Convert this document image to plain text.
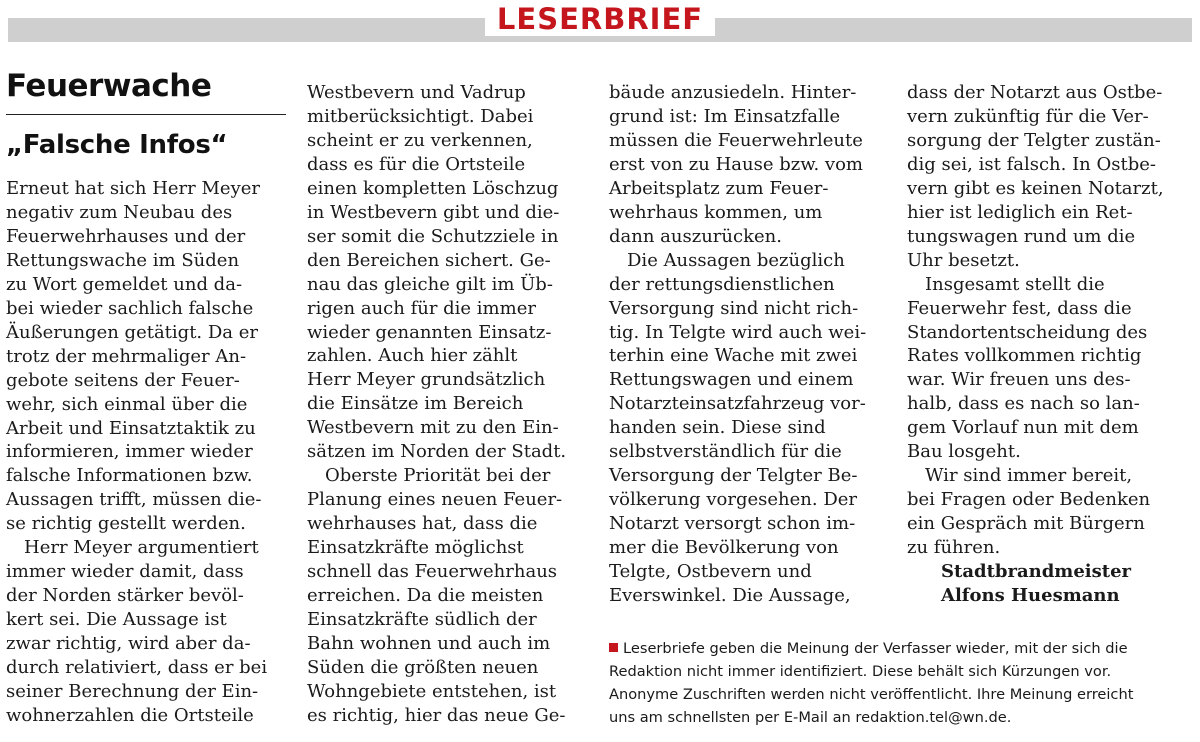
LESERBRIEF
Feuerwache
„Falsche Infos“
Erneut hat sich Herr Meyer
negativ zum Neubau des
Feuerwehrhauses und der
Rettungswache im Süden
zu Wort gemeldet und da-
bei wieder sachlich falsche
Äußerungen getätigt. Da er
trotz der mehrmaliger An-
gebote seitens der Feuer-
wehr, sich einmal über die
Arbeit und Einsatztaktik zu
informieren, immer wieder
falsche Informationen bzw.
Aussagen trifft, müssen die-
se richtig gestellt werden.
Herr Meyer argumentiert
immer wieder damit, dass
der Norden stärker bevöl-
kert sei. Die Aussage ist
zwar richtig, wird aber da-
durch relativiert, dass er bei
seiner Berechnung der Ein-
wohnerzahlen die Ortsteile
Westbevern und Vadrup
mitberücksichtigt. Dabei
scheint er zu verkennen,
dass es für die Ortsteile
einen kompletten Löschzug
in Westbevern gibt und die-
ser somit die Schutzziele in
den Bereichen sichert. Ge-
nau das gleiche gilt im Üb-
rigen auch für die immer
wieder genannten Einsatz-
zahlen. Auch hier zählt
Herr Meyer grundsätzlich
die Einsätze im Bereich
Westbevern mit zu den Ein-
sätzen im Norden der Stadt.
Oberste Priorität bei der
Planung eines neuen Feuer-
wehrhauses hat, dass die
Einsatzkräfte möglichst
schnell das Feuerwehrhaus
erreichen. Da die meisten
Einsatzkräfte südlich der
Bahn wohnen und auch im
Süden die größten neuen
Wohngebiete entstehen, ist
es richtig, hier das neue Ge-
bäude anzusiedeln. Hinter-
grund ist: Im Einsatzfalle
müssen die Feuerwehrleute
erst von zu Hause bzw. vom
Arbeitsplatz zum Feuer-
wehrhaus kommen, um
dann auszurücken.
Die Aussagen bezüglich
der rettungsdienstlichen
Versorgung sind nicht rich-
tig. In Telgte wird auch wei-
terhin eine Wache mit zwei
Rettungswagen und einem
Notarzteinsatzfahrzeug vor-
handen sein. Diese sind
selbstverständlich für die
Versorgung der Telgter Be-
völkerung vorgesehen. Der
Notarzt versorgt schon im-
mer die Bevölkerung von
Telgte, Ostbevern und
Everswinkel. Die Aussage,
dass der Notarzt aus Ostbe-
vern zukünftig für die Ver-
sorgung der Telgter zustän-
dig sei, ist falsch. In Ostbe-
vern gibt es keinen Notarzt,
hier ist lediglich ein Ret-
tungswagen rund um die
Uhr besetzt.
Insgesamt stellt die
Feuerwehr fest, dass die
Standortentscheidung des
Rates vollkommen richtig
war. Wir freuen uns des-
halb, dass es nach so lan-
gem Vorlauf nun mit dem
Bau losgeht.
Wir sind immer bereit,
bei Fragen oder Bedenken
ein Gespräch mit Bürgern
zu führen.
Stadtbrandmeister
Alfons Huesmann
Leserbriefe geben die Meinung der Verfasser wieder, mit der sich die
Redaktion nicht immer identifiziert. Diese behält sich Kürzungen vor.
Anonyme Zuschriften werden nicht veröffentlicht. Ihre Meinung erreicht
uns am schnellsten per E-Mail an redaktion.tel@wn.de.
